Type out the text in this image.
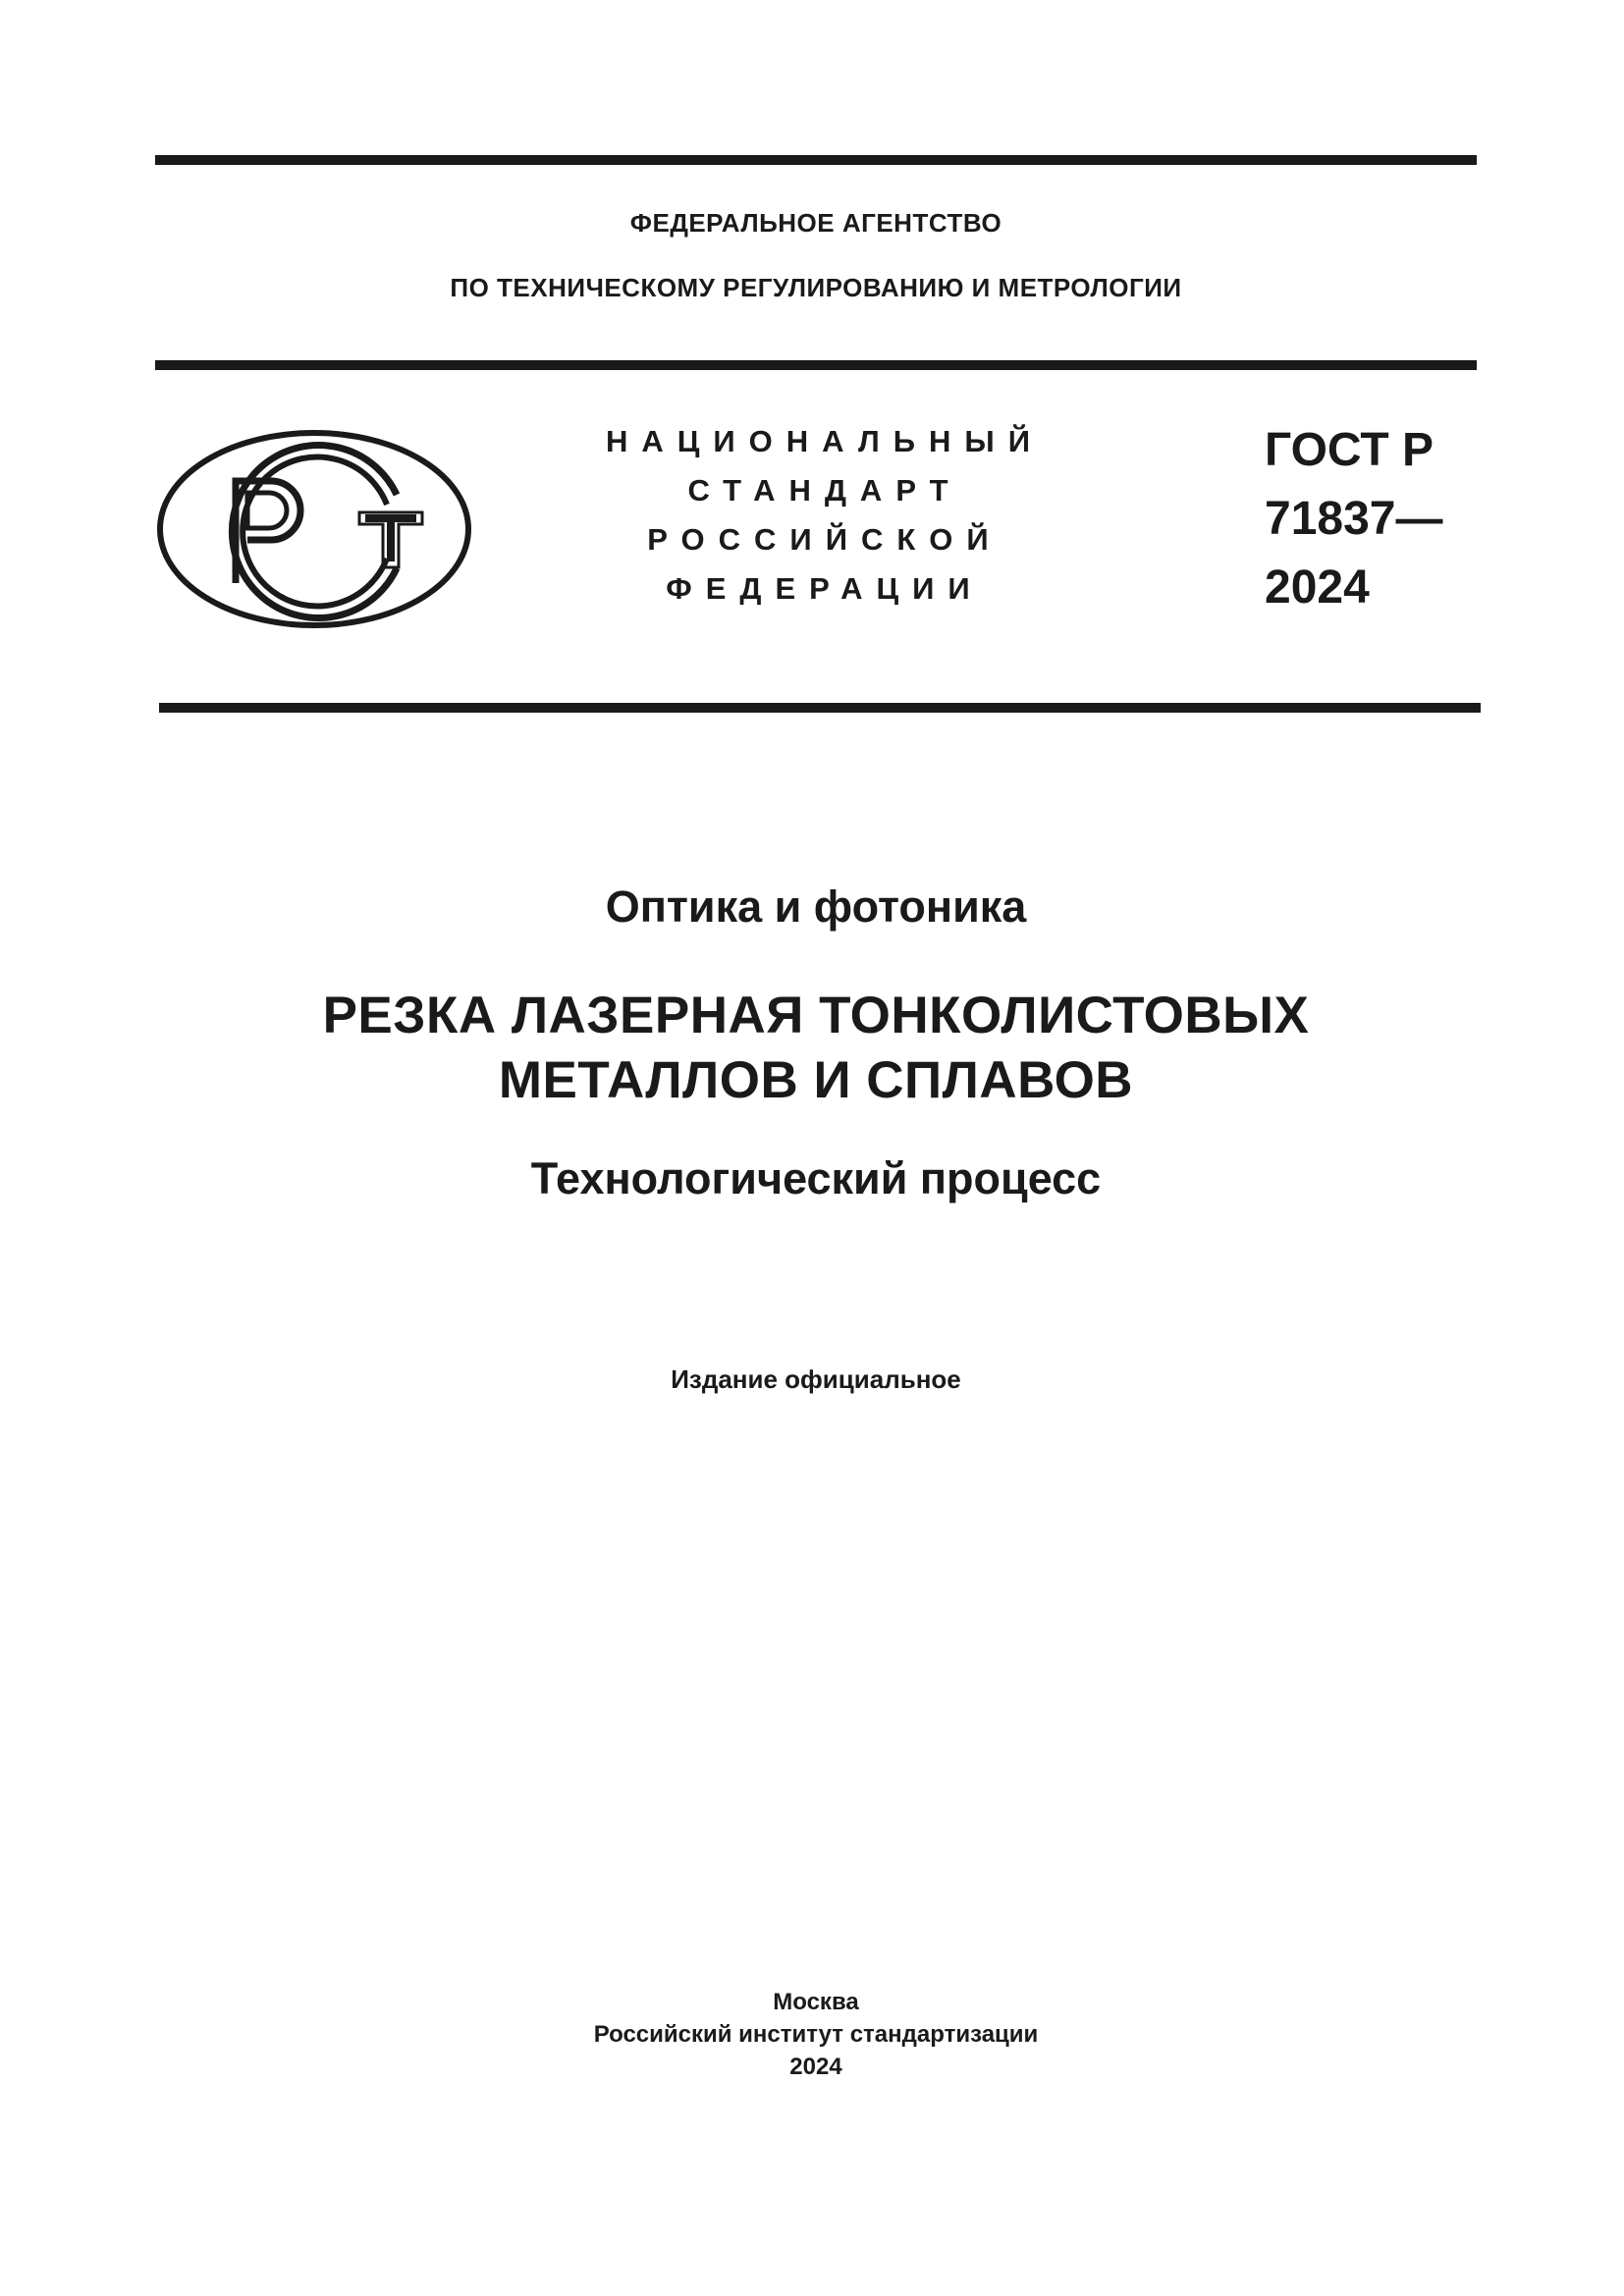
ФЕДЕРАЛЬНОЕ АГЕНТСТВО
ПО ТЕХНИЧЕСКОМУ РЕГУЛИРОВАНИЮ И МЕТРОЛОГИИ
НАЦИОНАЛЬНЫЙ
СТАНДАРТ
РОССИЙСКОЙ
ФЕДЕРАЦИИ
ГОСТ Р
71837—
2024
Оптика и фотоника
РЕЗКА ЛАЗЕРНАЯ ТОНКОЛИСТОВЫХ
МЕТАЛЛОВ И СПЛАВОВ
Технологический процесс
Издание официальное
Москва
Российский институт стандартизации
2024
